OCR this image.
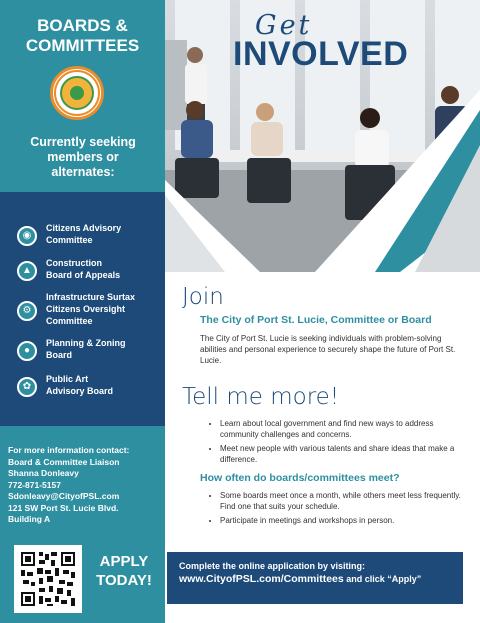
BOARDS &
COMMITTEES
Currently seeking
members or
alternates:
◉
Citizens Advisory
Committee
▲
Construction
Board of Appeals
⚙
Infrastructure Surtax
Citizens Oversight
Committee
●
Planning & Zoning
Board
✿
Public Art
Advisory Board
For more information contact:
Board & Committee Liaison
Shanna Donleavy
772-871-5157
Sdonleavy@CityofPSL.com
121 SW Port St. Lucie Blvd.
Building A
APPLY
TODAY!
Get
INVOLVED
Join
The City of Port St. Lucie, Committee or Board
The City of Port St. Lucie is seeking individuals with problem-solving abilities and personal experience to securely shape the future of Port St. Lucie.
Tell me more!
• Learn about local government and find new ways to address community challenges and concerns.
• Meet new people with various talents and share ideas that make a difference.
How often do boards/committees meet?
• Some boards meet once a month, while others meet less frequently. Find one that suits your schedule.
• Participate in meetings and workshops in person.
Complete the online application by visiting:
www.CityofPSL.com/Committees and click “Apply”
